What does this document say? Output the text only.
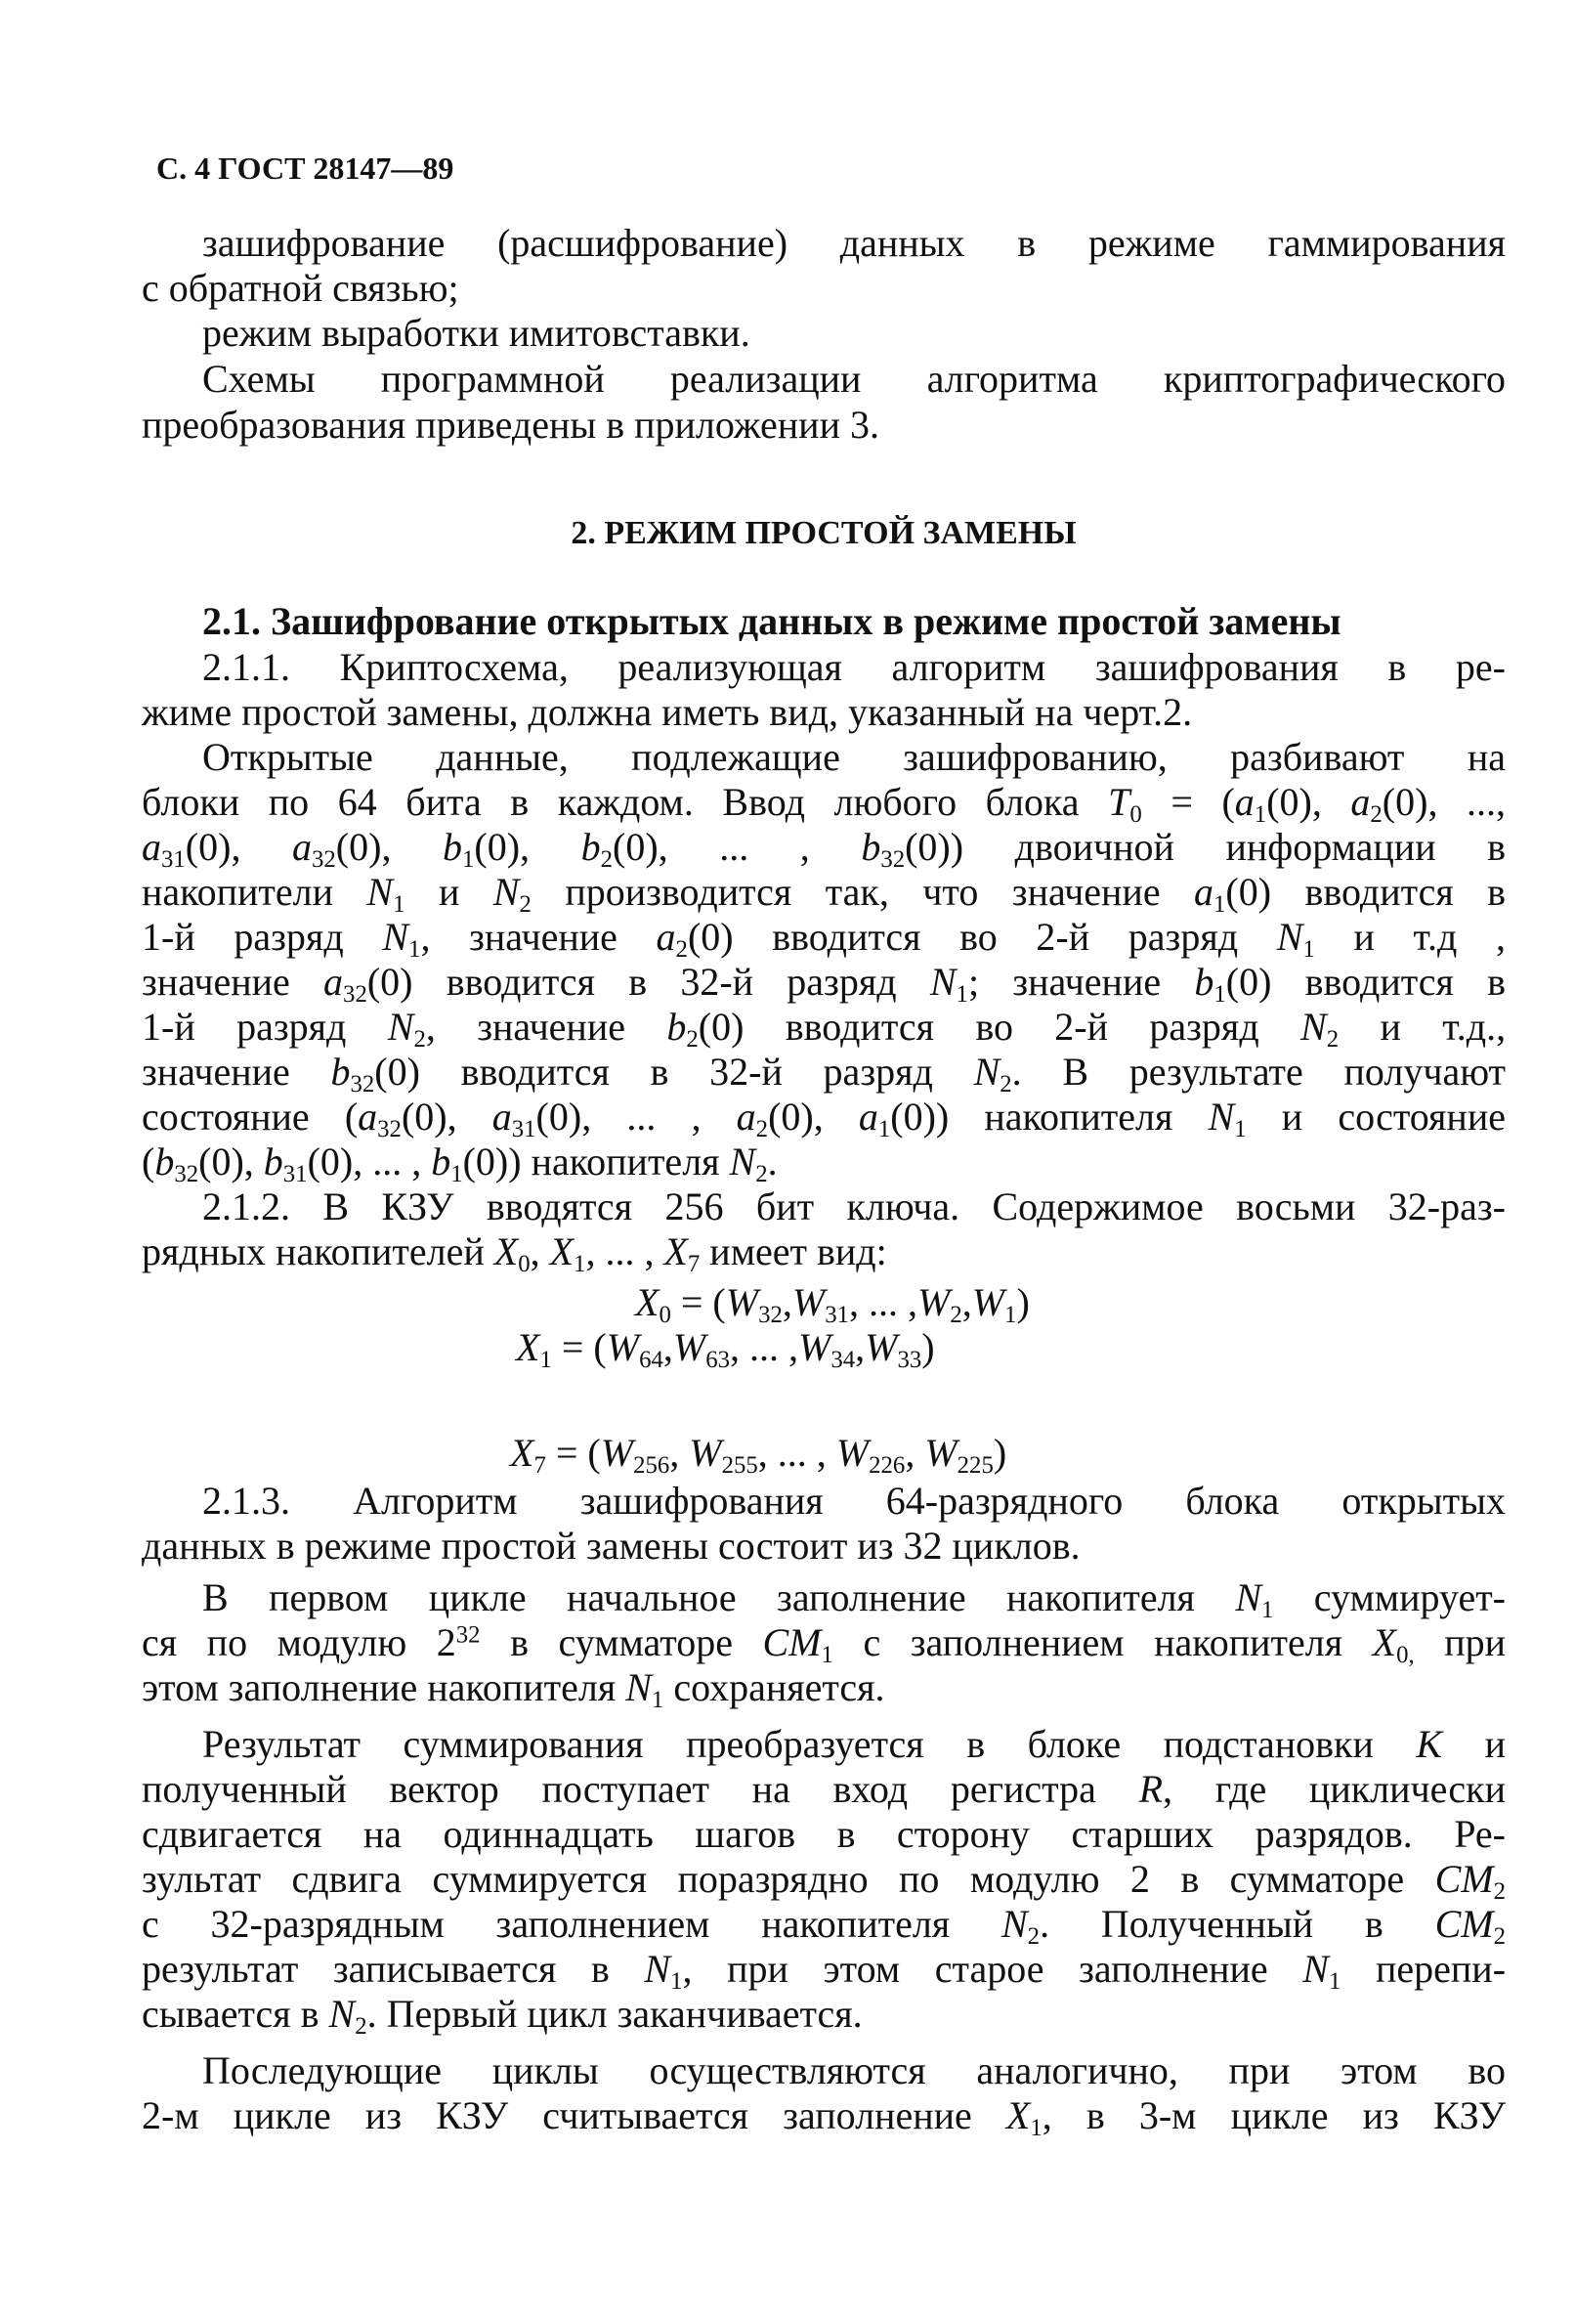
С. 4 ГОСТ 28147—89
зашифрование (расшифрование) данных в режиме гаммирования
с обратной связью;
режим выработки имитовставки.
Схемы программной реализации алгоритма криптографического
преобразования приведены в приложении 3.
2. РЕЖИМ ПРОСТОЙ ЗАМЕНЫ
2.1. Зашифрование открытых данных в режиме простой замены
2.1.1. Криптосхема, реализующая алгоритм зашифрования в ре-
жиме простой замены, должна иметь вид, указанный на черт.2.
Открытые данные, подлежащие зашифрованию, разбивают на
блоки по 64 бита в каждом. Ввод любого блока $T_0 = (a_1(0)$, $a_2(0)$, ...,
$a_{31}(0)$, $a_{32}(0)$, $b_1(0)$, $b_2(0)$, ... , $b_{32}(0)$) двоичной информации в
накопители $N_1$ и $N_2$ производится так, что значение $a_1(0)$ вводится в
1-й разряд $N_1$, значение $a_2(0)$ вводится во 2-й разряд $N_1$ и т.д ,
значение $a_{32}(0)$ вводится в 32-й разряд $N_1$; значение $b_1(0)$ вводится в
1-й разряд $N_2$, значение $b_2(0)$ вводится во 2-й разряд $N_2$ и т.д.,
значение $b_{32}(0)$ вводится в 32-й разряд $N_2$. В результате получают
состояние ($a_{32}(0)$, $a_{31}(0)$, ... , $a_2(0)$, $a_1(0)$) накопителя $N_1$ и состояние
($b_{32}(0)$, $b_{31}(0)$, ... , $b_1(0)$) накопителя $N_2$.
2.1.2. В КЗУ вводятся 256 бит ключа. Содержимое восьми 32-раз-
рядных накопителей $X_0$, $X_1$, ... , $X_7$ имеет вид:
$X_0 = (W_{32},W_{31}$, ... $,W_2,W_1$)
$X_1 = (W_{64},W_{63}$, ... $,W_{34},W_{33}$)
$X_7 = (W_{256}$, $W_{255}$, ... , $W_{226}$, $W_{225}$)
2.1.3. Алгоритм зашифрования 64-разрядного блока открытых
данных в режиме простой замены состоит из 32 циклов.
В первом цикле начальное заполнение накопителя $N_1$ суммирует-
ся по модулю $2^{32}$ в сумматоре $СМ_1$ с заполнением накопителя $X_{0,}$ при
этом заполнение накопителя $N_1$ сохраняется.
Результат суммирования преобразуется в блоке подстановки K и
полученный вектор поступает на вход регистра R, где циклически
сдвигается на одиннадцать шагов в сторону старших разрядов. Ре-
зультат сдвига суммируется поразрядно по модулю 2 в сумматоре $СМ_2$
с 32-разрядным заполнением накопителя $N_2$. Полученный в $СМ_2$
результат записывается в $N_1$, при этом старое заполнение $N_1$ перепи-
сывается в $N_2$. Первый цикл заканчивается.
Последующие циклы осуществляются аналогично, при этом во
2-м цикле из КЗУ считывается заполнение $X_1$, в 3-м цикле из КЗУ
